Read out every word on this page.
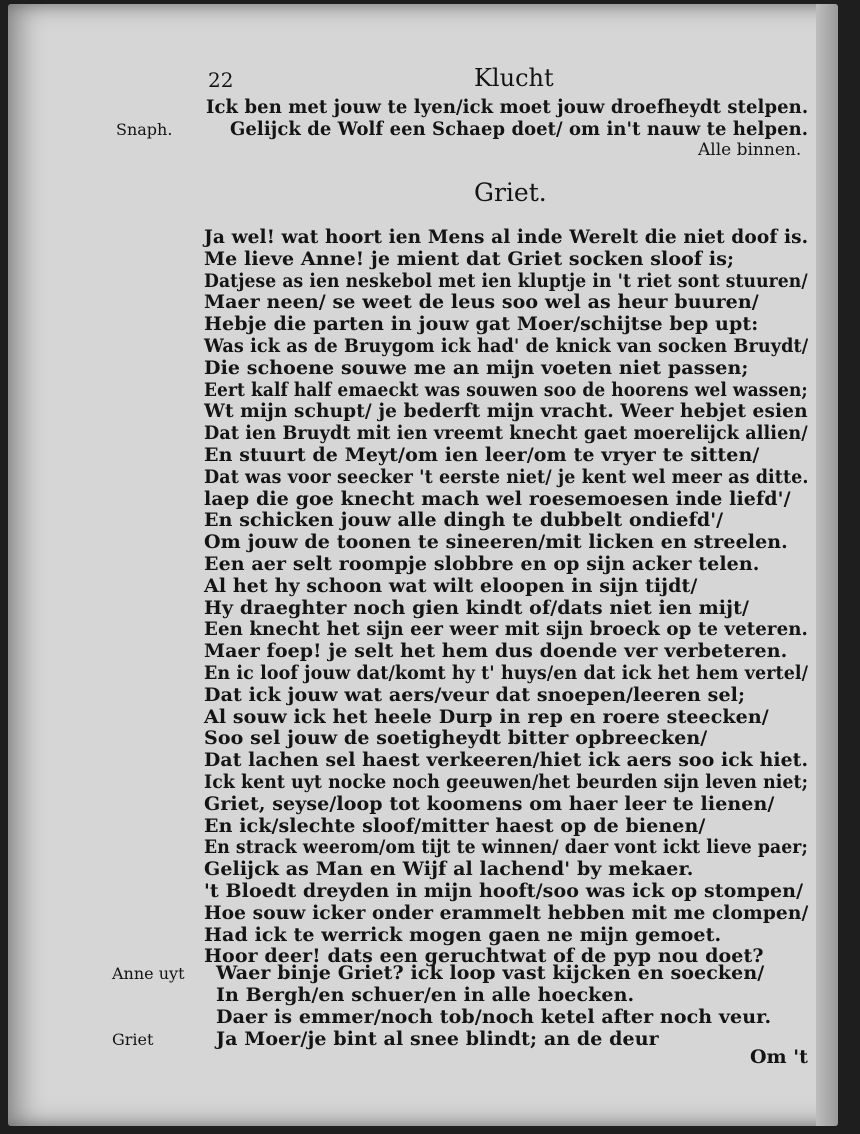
22	Klucht
Ick ben met jouw te lyen/ick moet jouw droefheydt stelpen.
Snaph.	Gelijck de Wolf een Schaep doet/ om in't nauw te helpen.
Alle binnen.
Griet.
Ja wel! wat hoort ien Mens al inde Werelt die niet doof is.
Me lieve Anne! je mient dat Griet socken sloof is;
Datjese as ien neskebol met ien kluptje in 't riet sont stuuren/
Maer neen/ se weet de leus soo wel as heur buuren/
Hebje die parten in jouw gat Moer/schijtse bep upt:
Was ick as de Bruygom ick had' de knick van socken Bruydt/
Die schoene souwe me an mijn voeten niet passen;
Eert kalf half emaeckt was souwen soo de hoorens wel wassen;
Wt mijn schupt/ je bederft mijn vracht. Weer hebjet esien
Dat ien Bruydt mit ien vreemt knecht gaet moerelijck allien/
En stuurt de Meyt/om ien leer/om te vryer te sitten/
Dat was voor seecker 't eerste niet/ je kent wel meer as ditte.
laep die goe knecht mach wel roesemoesen inde liefd'/
En schicken jouw alle dingh te dubbelt ondiefd'/
Om jouw de toonen te sineeren/mit licken en streelen.
Een aer selt roompje slobbre en op sijn acker telen.
Al het hy schoon wat wilt eloopen in sijn tijdt/
Hy draeghter noch gien kindt of/dats niet ien mijt/
Een knecht het sijn eer weer mit sijn broeck op te veteren.
Maer foep! je selt het hem dus doende ver verbeteren.
En ic loof jouw dat/komt hy t' huys/en dat ick het hem vertel/
Dat ick jouw wat aers/veur dat snoepen/leeren sel;
Al souw ick het heele Durp in rep en roere steecken/
Soo sel jouw de soetigheydt bitter opbreecken/
Dat lachen sel haest verkeeren/hiet ick aers soo ick hiet.
Ick kent uyt nocke noch geeuwen/het beurden sijn leven niet;
Griet, seyse/loop tot koomens om haer leer te lienen/
En ick/slechte sloof/mitter haest op de bienen/
En strack weerom/om tijt te winnen/ daer vont ickt lieve paer;
Gelijck as Man en Wijf al lachend' by mekaer.
't Bloedt dreyden in mijn hooft/soo was ick op stompen/
Hoe souw icker onder erammelt hebben mit me clompen/
Had ick te werrick mogen gaen ne mijn gemoet.
Hoor deer! dats een geruchtwat of de pyp nou doet?
Anne uyt Waer binje Griet? ick loop vast kijcken en soecken/
In Bergh/en schuer/en in alle hoecken.
Daer is emmer/noch tob/noch ketel after noch veur.
Griet	Ja Moer/je bint al snee blindt; an de deur
Om 't
